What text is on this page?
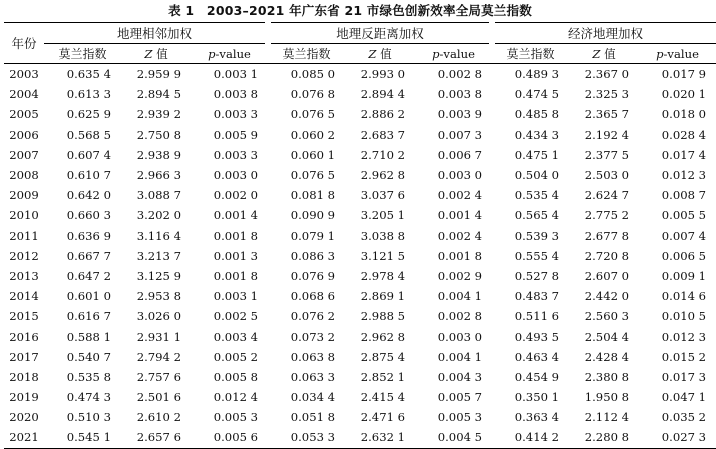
表 1　2003–2021 年广东省 21 市绿色创新效率全局莫兰指数
年份	地理相邻加权			地理反距离加权			经济地理加权		
	莫兰指数	Z 值	p-value	莫兰指数	Z 值	p-value	莫兰指数	Z 值	p-value
2003	0.635 4	2.959 9	0.003 1	0.085 0	2.993 0	0.002 8	0.489 3	2.367 0	0.017 9
2004	0.613 3	2.894 5	0.003 8	0.076 8	2.894 4	0.003 8	0.474 5	2.325 3	0.020 1
2005	0.625 9	2.939 2	0.003 3	0.076 5	2.886 2	0.003 9	0.485 8	2.365 7	0.018 0
2006	0.568 5	2.750 8	0.005 9	0.060 2	2.683 7	0.007 3	0.434 3	2.192 4	0.028 4
2007	0.607 4	2.938 9	0.003 3	0.060 1	2.710 2	0.006 7	0.475 1	2.377 5	0.017 4
2008	0.610 7	2.966 3	0.003 0	0.076 5	2.962 8	0.003 0	0.504 0	2.503 0	0.012 3
2009	0.642 0	3.088 7	0.002 0	0.081 8	3.037 6	0.002 4	0.535 4	2.624 7	0.008 7
2010	0.660 3	3.202 0	0.001 4	0.090 9	3.205 1	0.001 4	0.565 4	2.775 2	0.005 5
2011	0.636 9	3.116 4	0.001 8	0.079 1	3.038 8	0.002 4	0.539 3	2.677 8	0.007 4
2012	0.667 7	3.213 7	0.001 3	0.086 3	3.121 5	0.001 8	0.555 4	2.720 8	0.006 5
2013	0.647 2	3.125 9	0.001 8	0.076 9	2.978 4	0.002 9	0.527 8	2.607 0	0.009 1
2014	0.601 0	2.953 8	0.003 1	0.068 6	2.869 1	0.004 1	0.483 7	2.442 0	0.014 6
2015	0.616 7	3.026 0	0.002 5	0.076 2	2.988 5	0.002 8	0.511 6	2.560 3	0.010 5
2016	0.588 1	2.931 1	0.003 4	0.073 2	2.962 8	0.003 0	0.493 5	2.504 4	0.012 3
2017	0.540 7	2.794 2	0.005 2	0.063 8	2.875 4	0.004 1	0.463 4	2.428 4	0.015 2
2018	0.535 8	2.757 6	0.005 8	0.063 3	2.852 1	0.004 3	0.454 9	2.380 8	0.017 3
2019	0.474 3	2.501 6	0.012 4	0.034 4	2.415 4	0.005 7	0.350 1	1.950 8	0.047 1
2020	0.510 3	2.610 2	0.005 3	0.051 8	2.471 6	0.005 3	0.363 4	2.112 4	0.035 2
2021	0.545 1	2.657 6	0.005 6	0.053 3	2.632 1	0.004 5	0.414 2	2.280 8	0.027 3
